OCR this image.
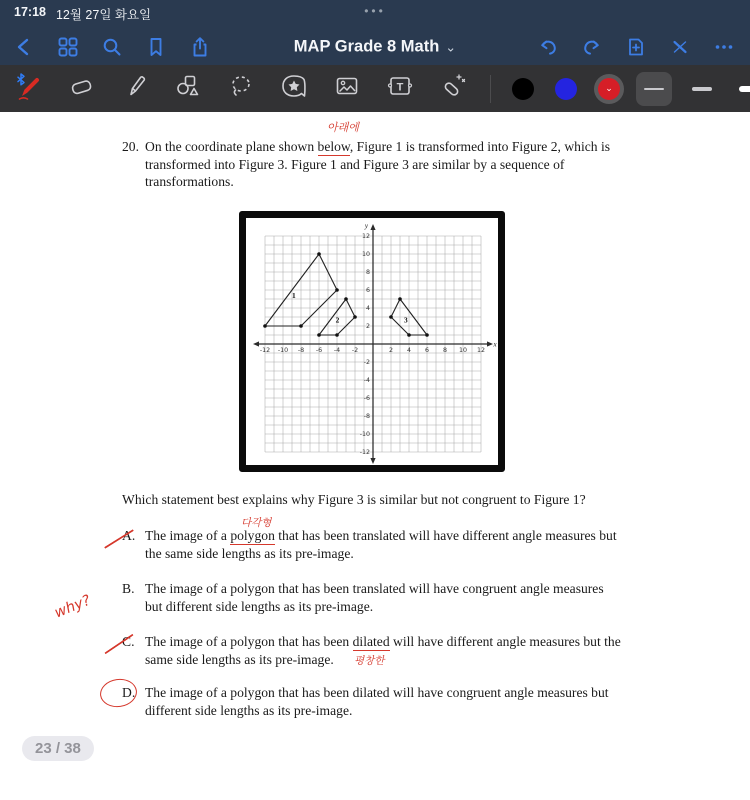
17:18 12월 27일 화요일	•••
MAP Grade 8 Math ⌄
T	⌄
아래에
20. On the coordinate plane shown below, Figure 1 is transformed into Figure 2, which is
transformed into Figure 3. Figure 1 and Figure 3 are similar by a sequence of
transformations.
-12
-12
-10
-10
-8
-8
-6
-6
-4
-4
-2
-2
2
2
4
4
6
6
8
8
10
10
12
12
x
y
1
2	3
Which statement best explains why Figure 3 is similar but not congruent to Figure 1?
A. The image of a polygon that has been translated will have different angle measures but
the same side lengths as its pre-image.
B. The image of a polygon that has been translated will have congruent angle measures
but different side lengths as its pre-image.
C. The image of a polygon that has been dilated will have different angle measures but the
same side lengths as its pre-image.
D. The image of a polygon that has been dilated will have congruent angle measures but
different side lengths as its pre-image.
다각형
평창한
why?
23 / 38
